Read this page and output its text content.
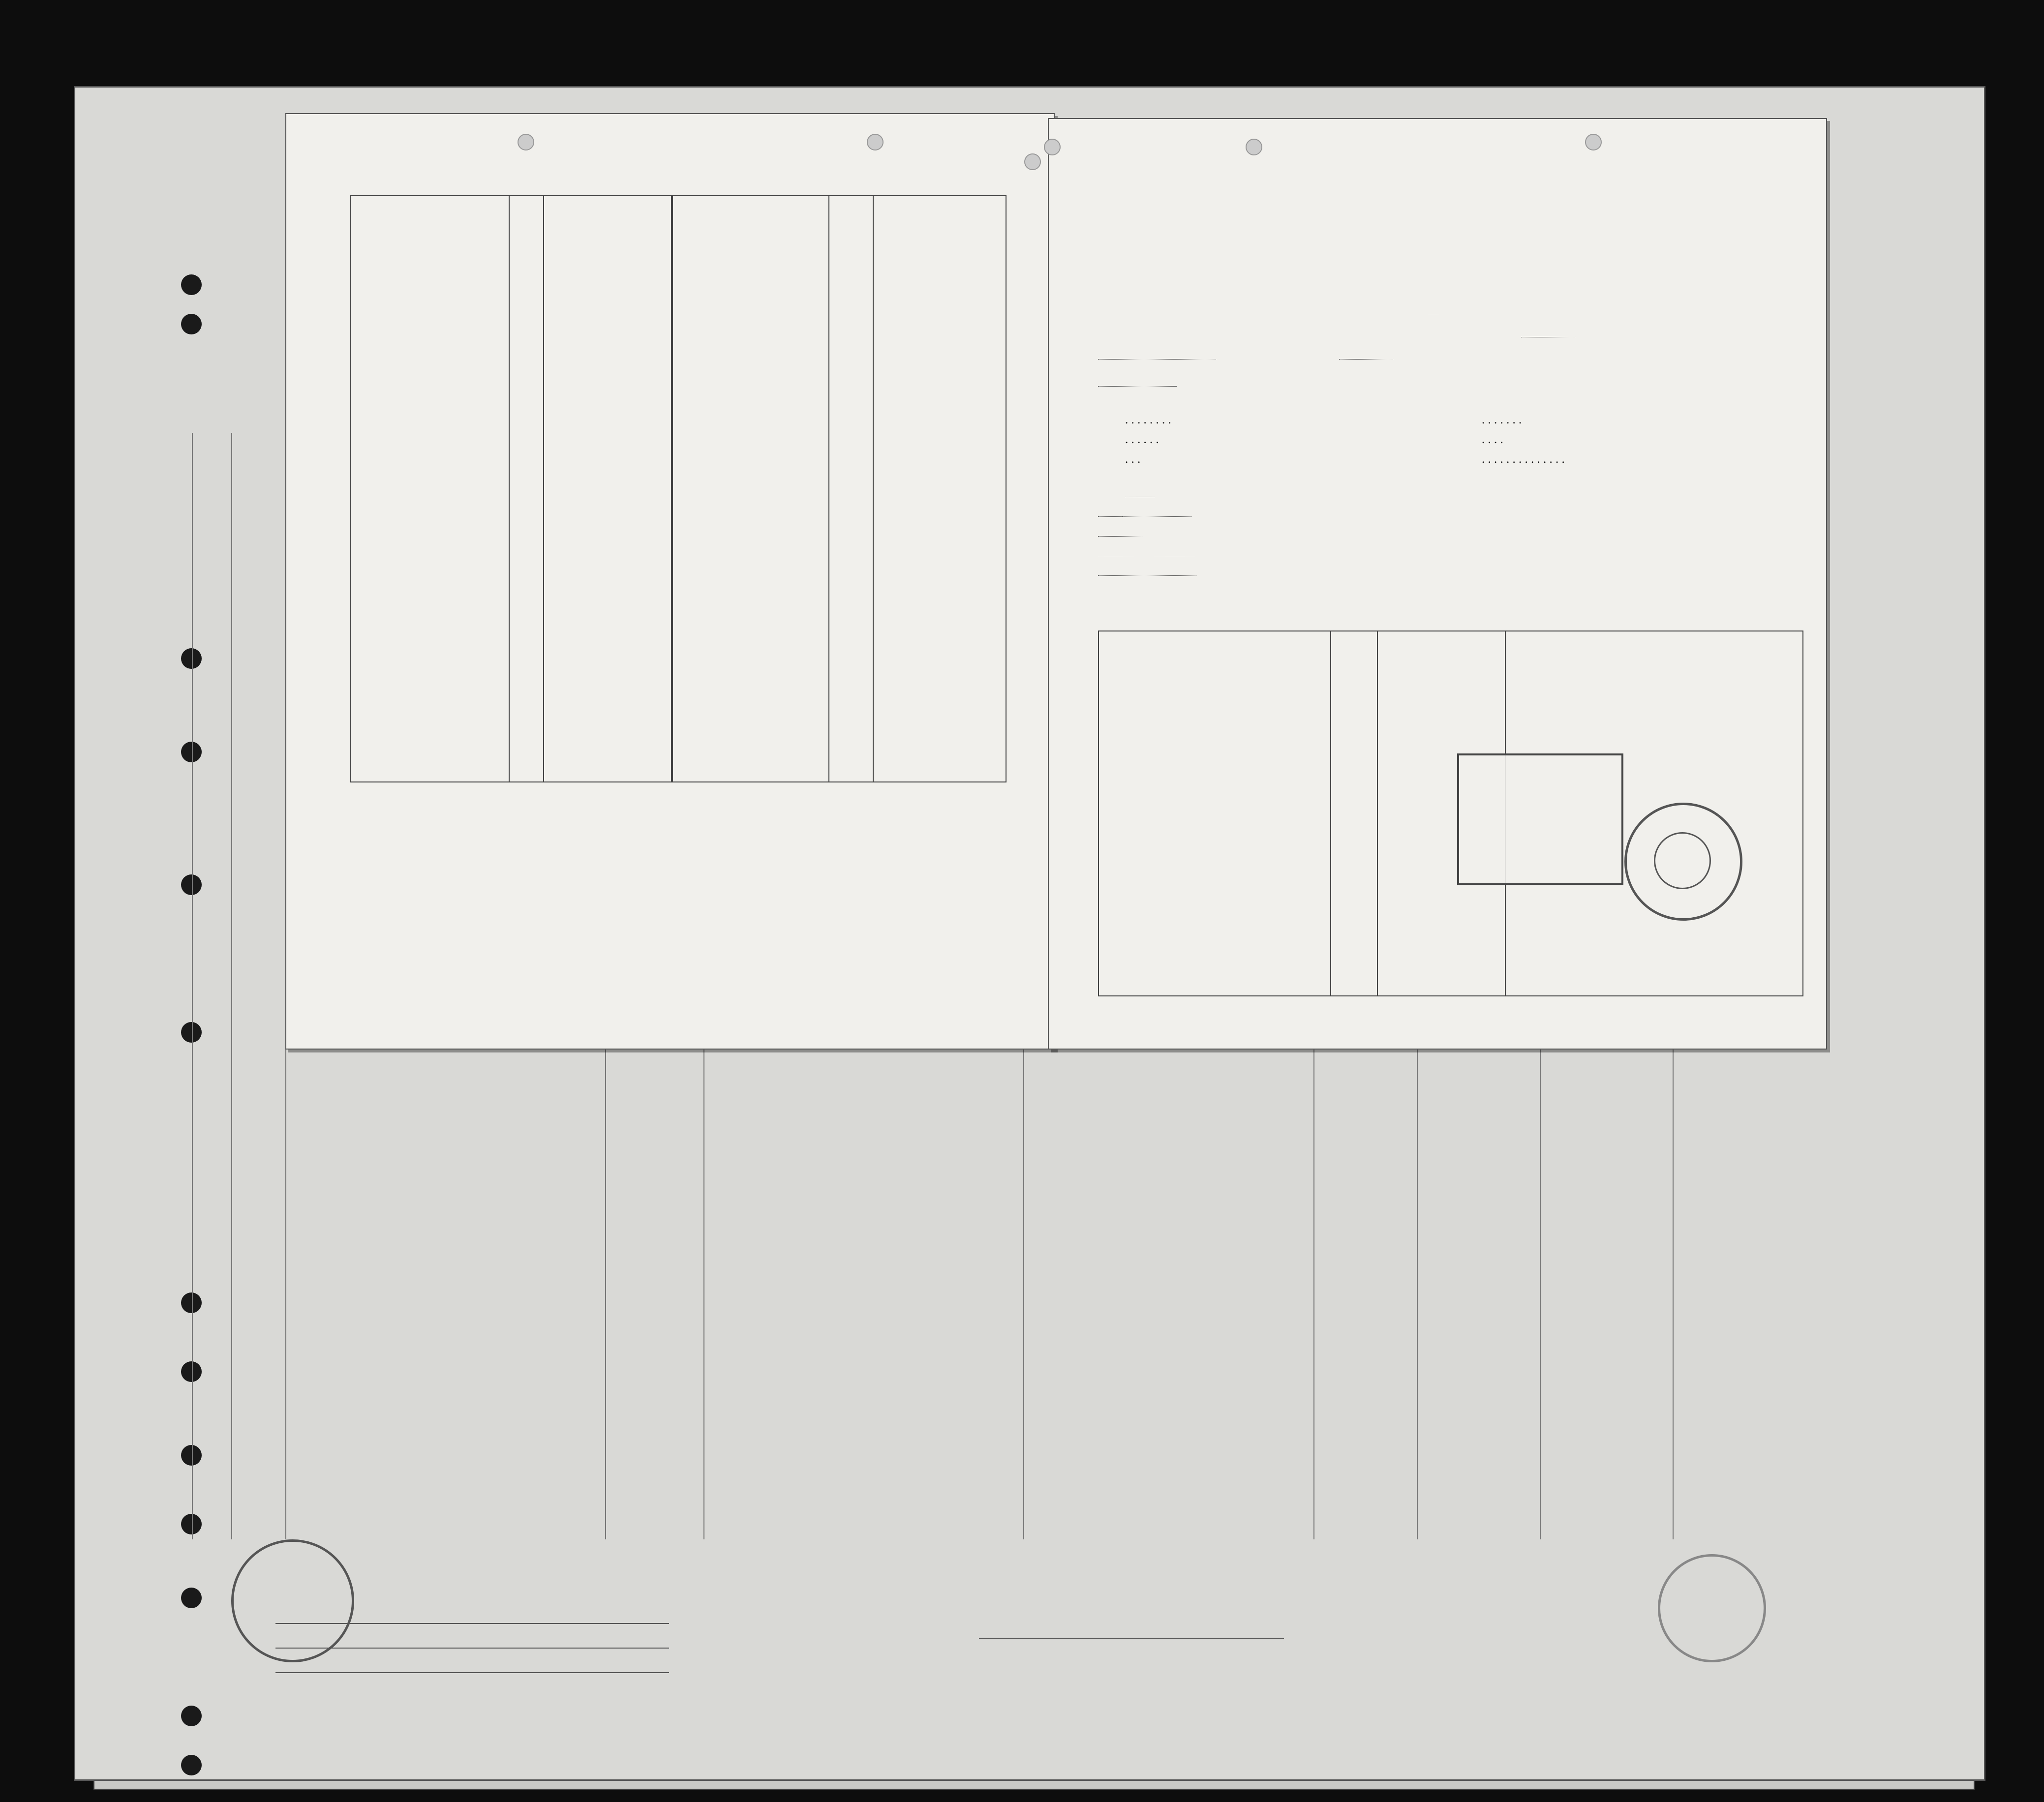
. . . . . . . .	. . . . . . .
. . . . . .	. . . .
. . .	. . . . . . . . . . . . . .
